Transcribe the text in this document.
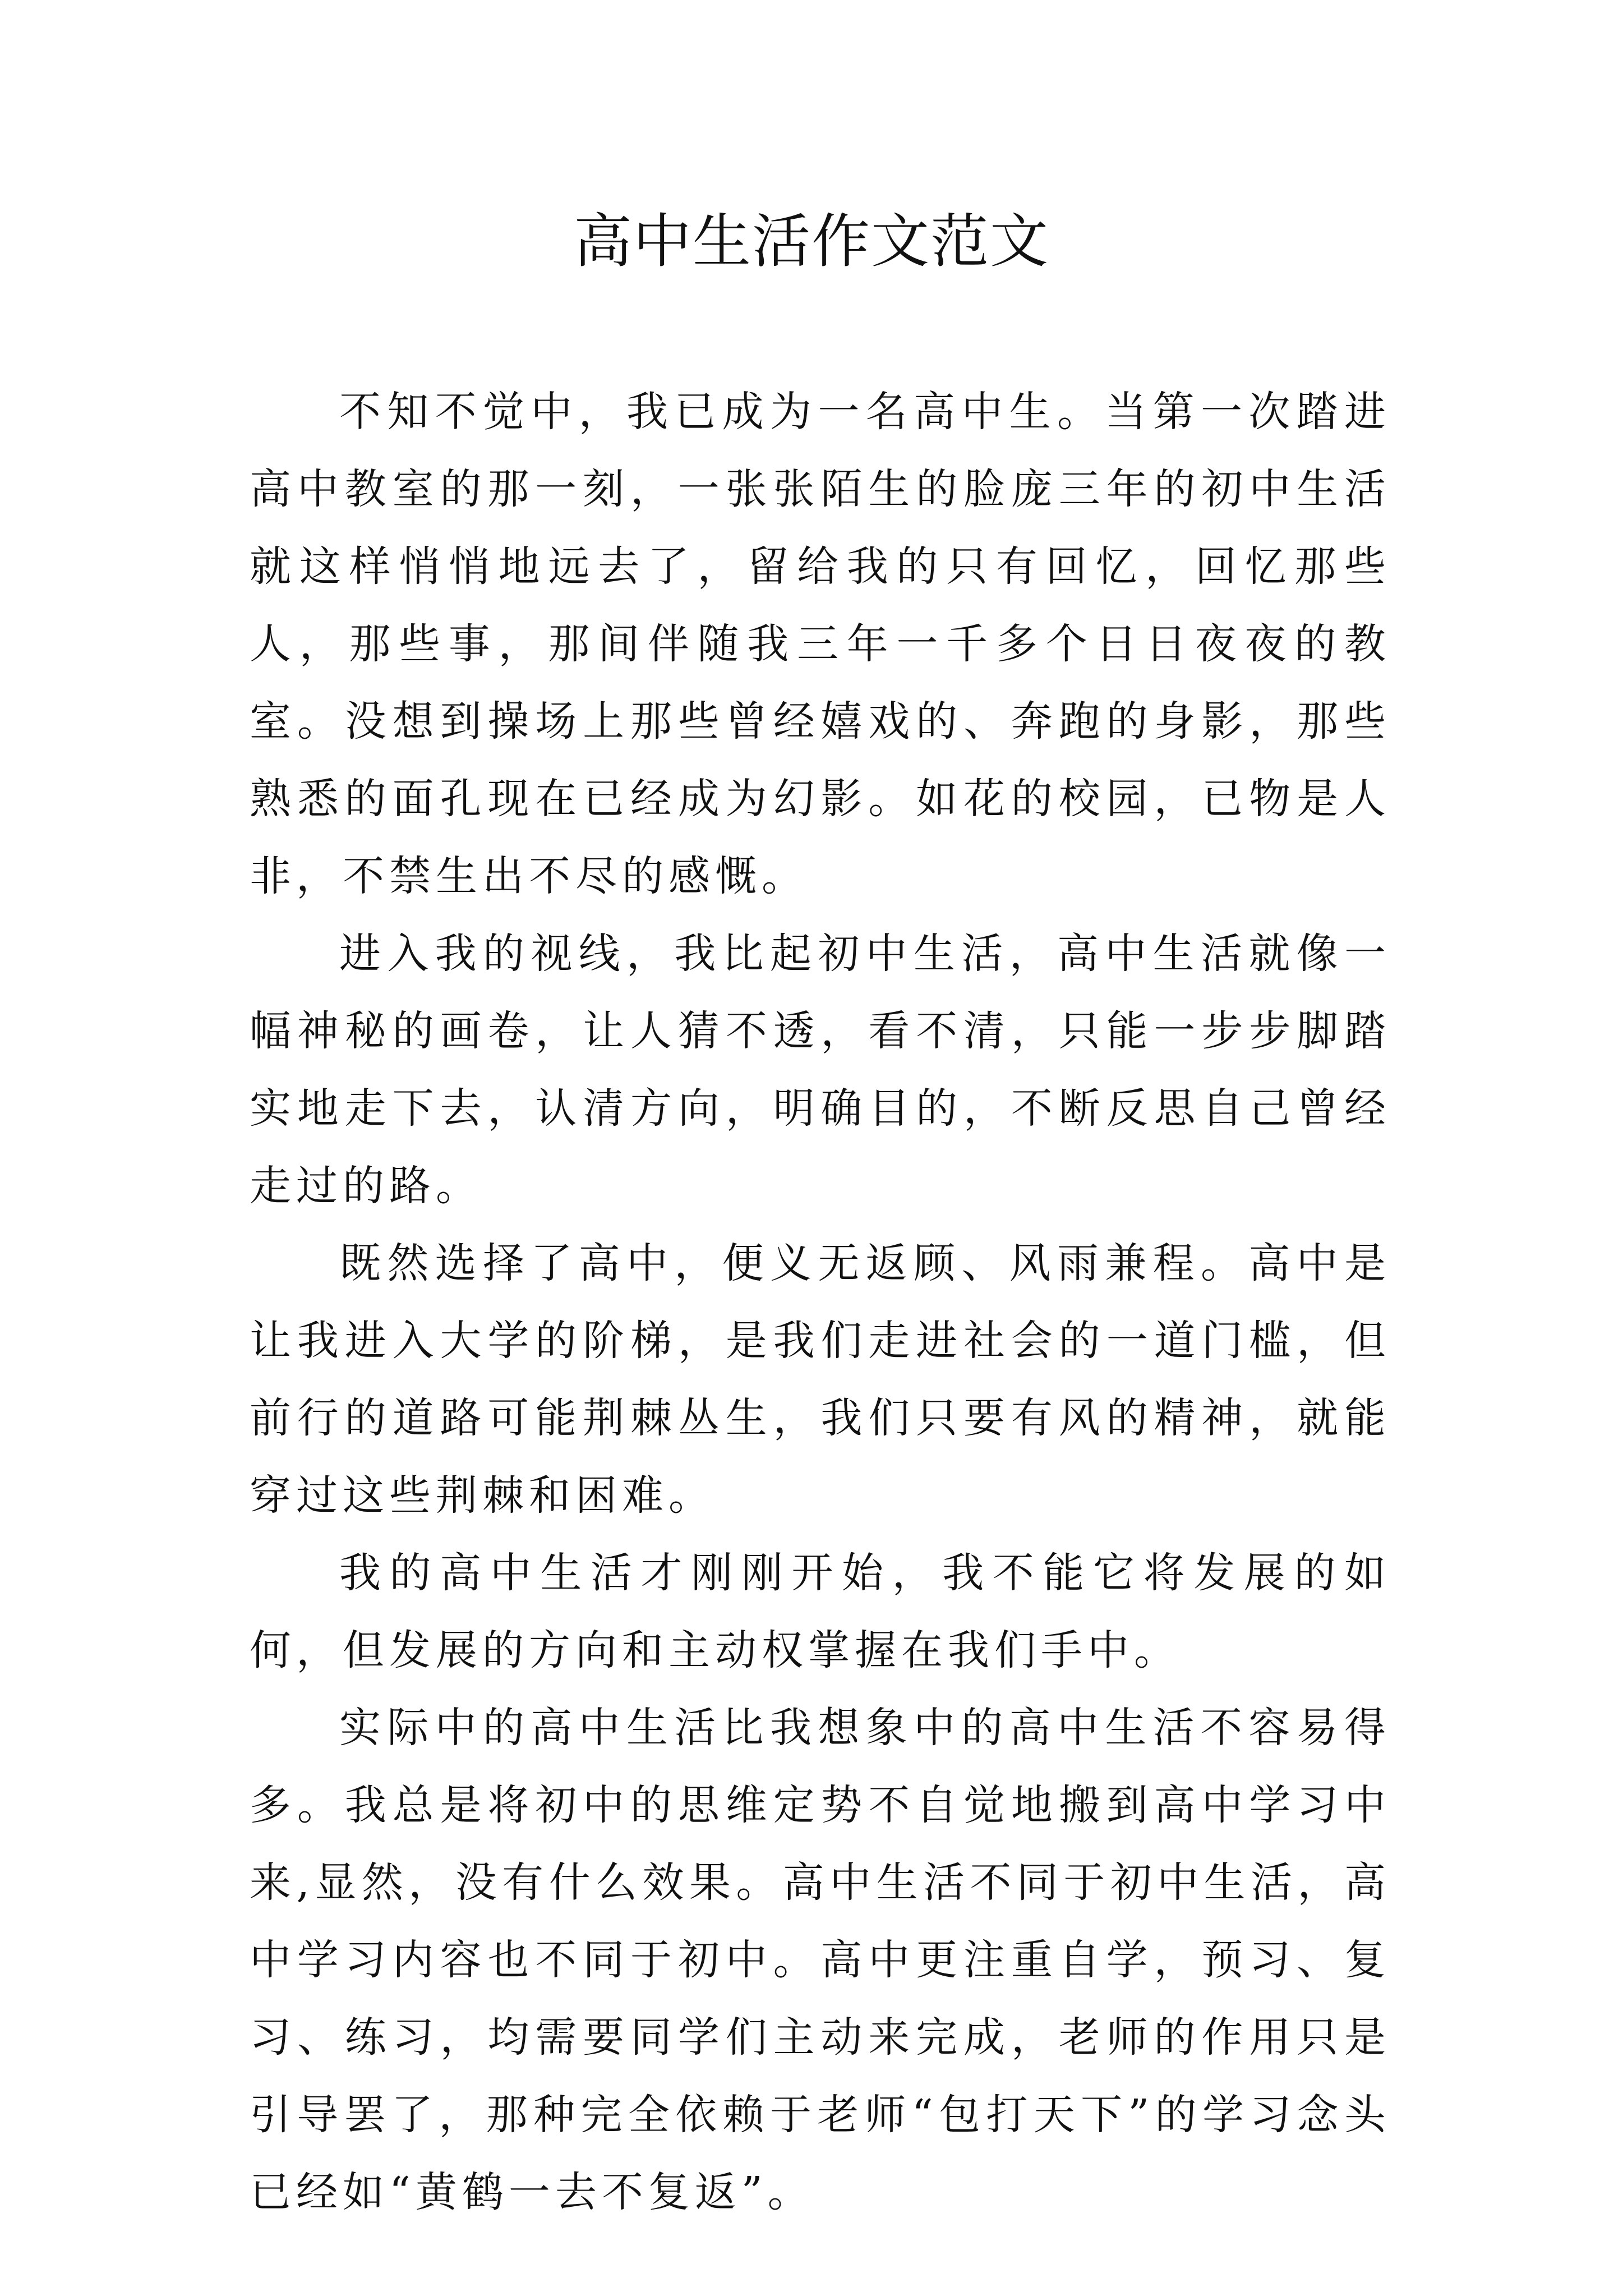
高中生活作文范文

不知不觉中，我已成为一名高中生。当第一次踏进高中教室的那一刻，一张张陌生的脸庞三年的初中生活就这样悄悄地远去了，留给我的只有回忆，回忆那些人，那些事，那间伴随我三年一千多个日日夜夜的教室。没想到操场上那些曾经嬉戏的、奔跑的身影，那些熟悉的面孔现在已经成为幻影。如花的校园，已物是人非，不禁生出不尽的感慨。

进入我的视线，我比起初中生活，高中生活就像一幅神秘的画卷，让人猜不透，看不清，只能一步步脚踏实地走下去，认清方向，明确目的，不断反思自己曾经走过的路。

既然选择了高中，便义无返顾、风雨兼程。高中是让我进入大学的阶梯，是我们走进社会的一道门槛，但前行的道路可能荆棘丛生，我们只要有风的精神，就能穿过这些荆棘和困难。

我的高中生活才刚刚开始，我不能它将发展的如何，但发展的方向和主动权掌握在我们手中。

实际中的高中生活比我想象中的高中生活不容易得多。我总是将初中的思维定势不自觉地搬到高中学习中来,显然，没有什么效果。高中生活不同于初中生活，高中学习内容也不同于初中。高中更注重自学，预习、复习、练习，均需要同学们主动来完成，老师的作用只是引导罢了，那种完全依赖于老师“包打天下”的学习念头已经如“黄鹤一去不复返”。
